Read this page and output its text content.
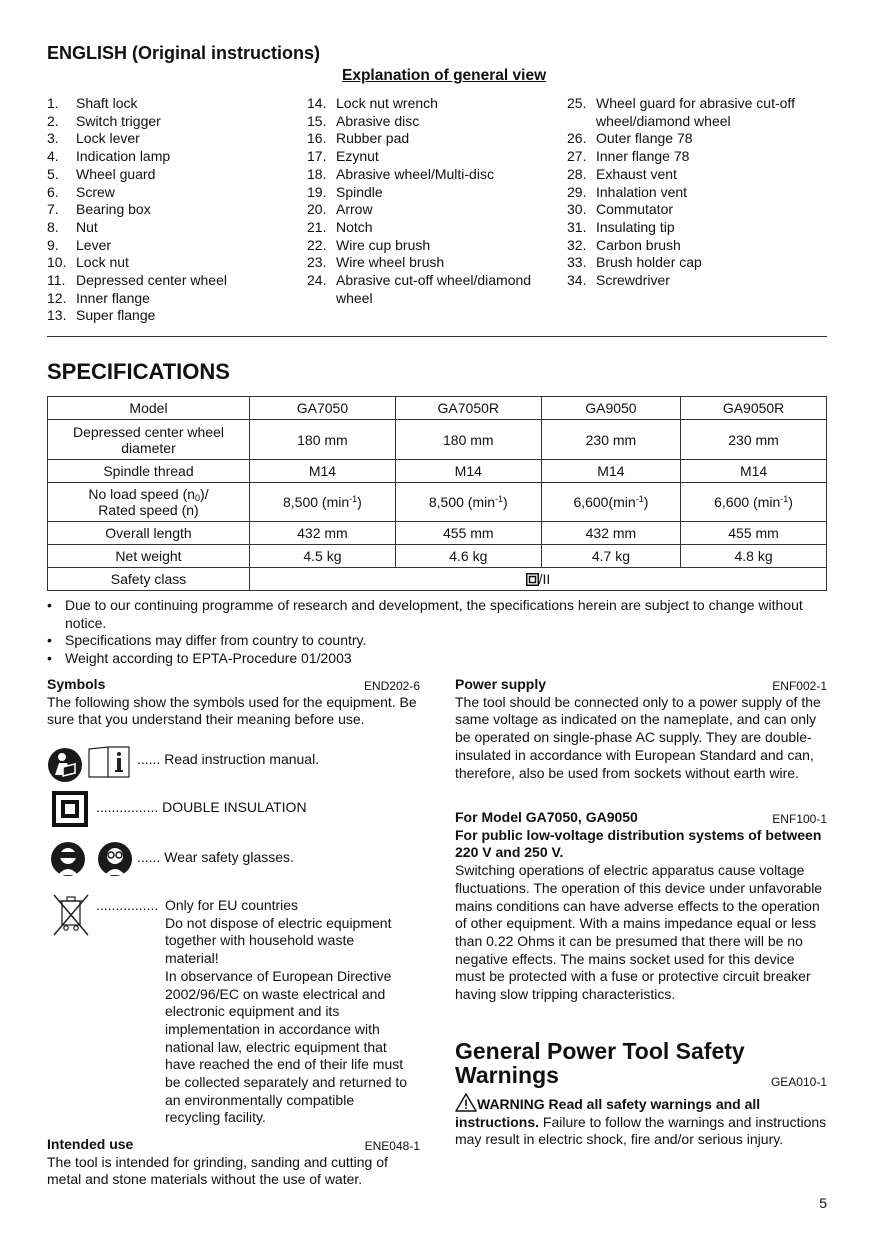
ENGLISH (Original instructions)
Explanation of general view
1. Shaft lock
2. Switch trigger
3. Lock lever
4. Indication lamp
5. Wheel guard
6. Screw
7. Bearing box
8. Nut
9. Lever
10. Lock nut
11. Depressed center wheel
12. Inner flange
13. Super flange
14. Lock nut wrench
15. Abrasive disc
16. Rubber pad
17. Ezynut
18. Abrasive wheel/Multi-disc
19. Spindle
20. Arrow
21. Notch
22. Wire cup brush
23. Wire wheel brush
24. Abrasive cut-off wheel/diamond wheel
25. Wheel guard for abrasive cut-off wheel/diamond wheel
26. Outer flange 78
27. Inner flange 78
28. Exhaust vent
29. Inhalation vent
30. Commutator
31. Insulating tip
32. Carbon brush
33. Brush holder cap
34. Screwdriver
SPECIFICATIONS
Model	GA7050	GA7050R	GA9050	GA9050R
Depressed center wheel diameter	180 mm	180 mm	230 mm	230 mm
Spindle thread	M14	M14	M14	M14
No load speed $(n_0)/$
Rated speed (n)	8,500 $(\min^{-1})$	8,500 $(\min^{-1})$	$6,600(\min^{-1})$	6,600 $(\min^{-1})$
Overall length	432 mm	455 mm	432 mm	455 mm
Net weight	4.5 kg	4.6 kg	4.7 kg	4.8 kg
Safety class	/II			
• Due to our continuing programme of research and development, the specifications herein are subject to change without notice.
• Specifications may differ from country to country.
• Weight according to EPTA-Procedure 01/2003
Symbols	END202-6
The following show the symbols used for the equipment. Be sure that you understand their meaning before use.
...... Read instruction manual.
................ DOUBLE INSULATION
...... Wear safety glasses.
................ Only for EU countries
Do not dispose of electric equipment
together with household waste
material!
In observance of European Directive
2002/96/EC on waste electrical and
electronic equipment and its
implementation in accordance with
national law, electric equipment that
have reached the end of their life must
be collected separately and returned to
an environmentally compatible
recycling facility.
Intended use	ENE048-1
The tool is intended for grinding, sanding and cutting of metal and stone materials without the use of water.
Power supply	ENF002-1
The tool should be connected only to a power supply of the same voltage as indicated on the nameplate, and can only be operated on single-phase AC supply. They are double-insulated in accordance with European Standard and can, therefore, also be used from sockets without earth wire.
For Model GA7050, GA9050	ENF100-1
For public low-voltage distribution systems of between 220 V and 250 V.
Switching operations of electric apparatus cause voltage fluctuations. The operation of this device under unfavorable mains conditions can have adverse effects to the operation of other equipment. With a mains impedance equal or less than 0.22 Ohms it can be presumed that there will be no negative effects. The mains socket used for this device must be protected with a fuse or protective circuit breaker having slow tripping characteristics.
General Power Tool Safety
Warnings	GEA010-1
WARNING Read all safety warnings and all instructions. Failure to follow the warnings and instructions may result in electric shock, fire and/or serious injury.
5
